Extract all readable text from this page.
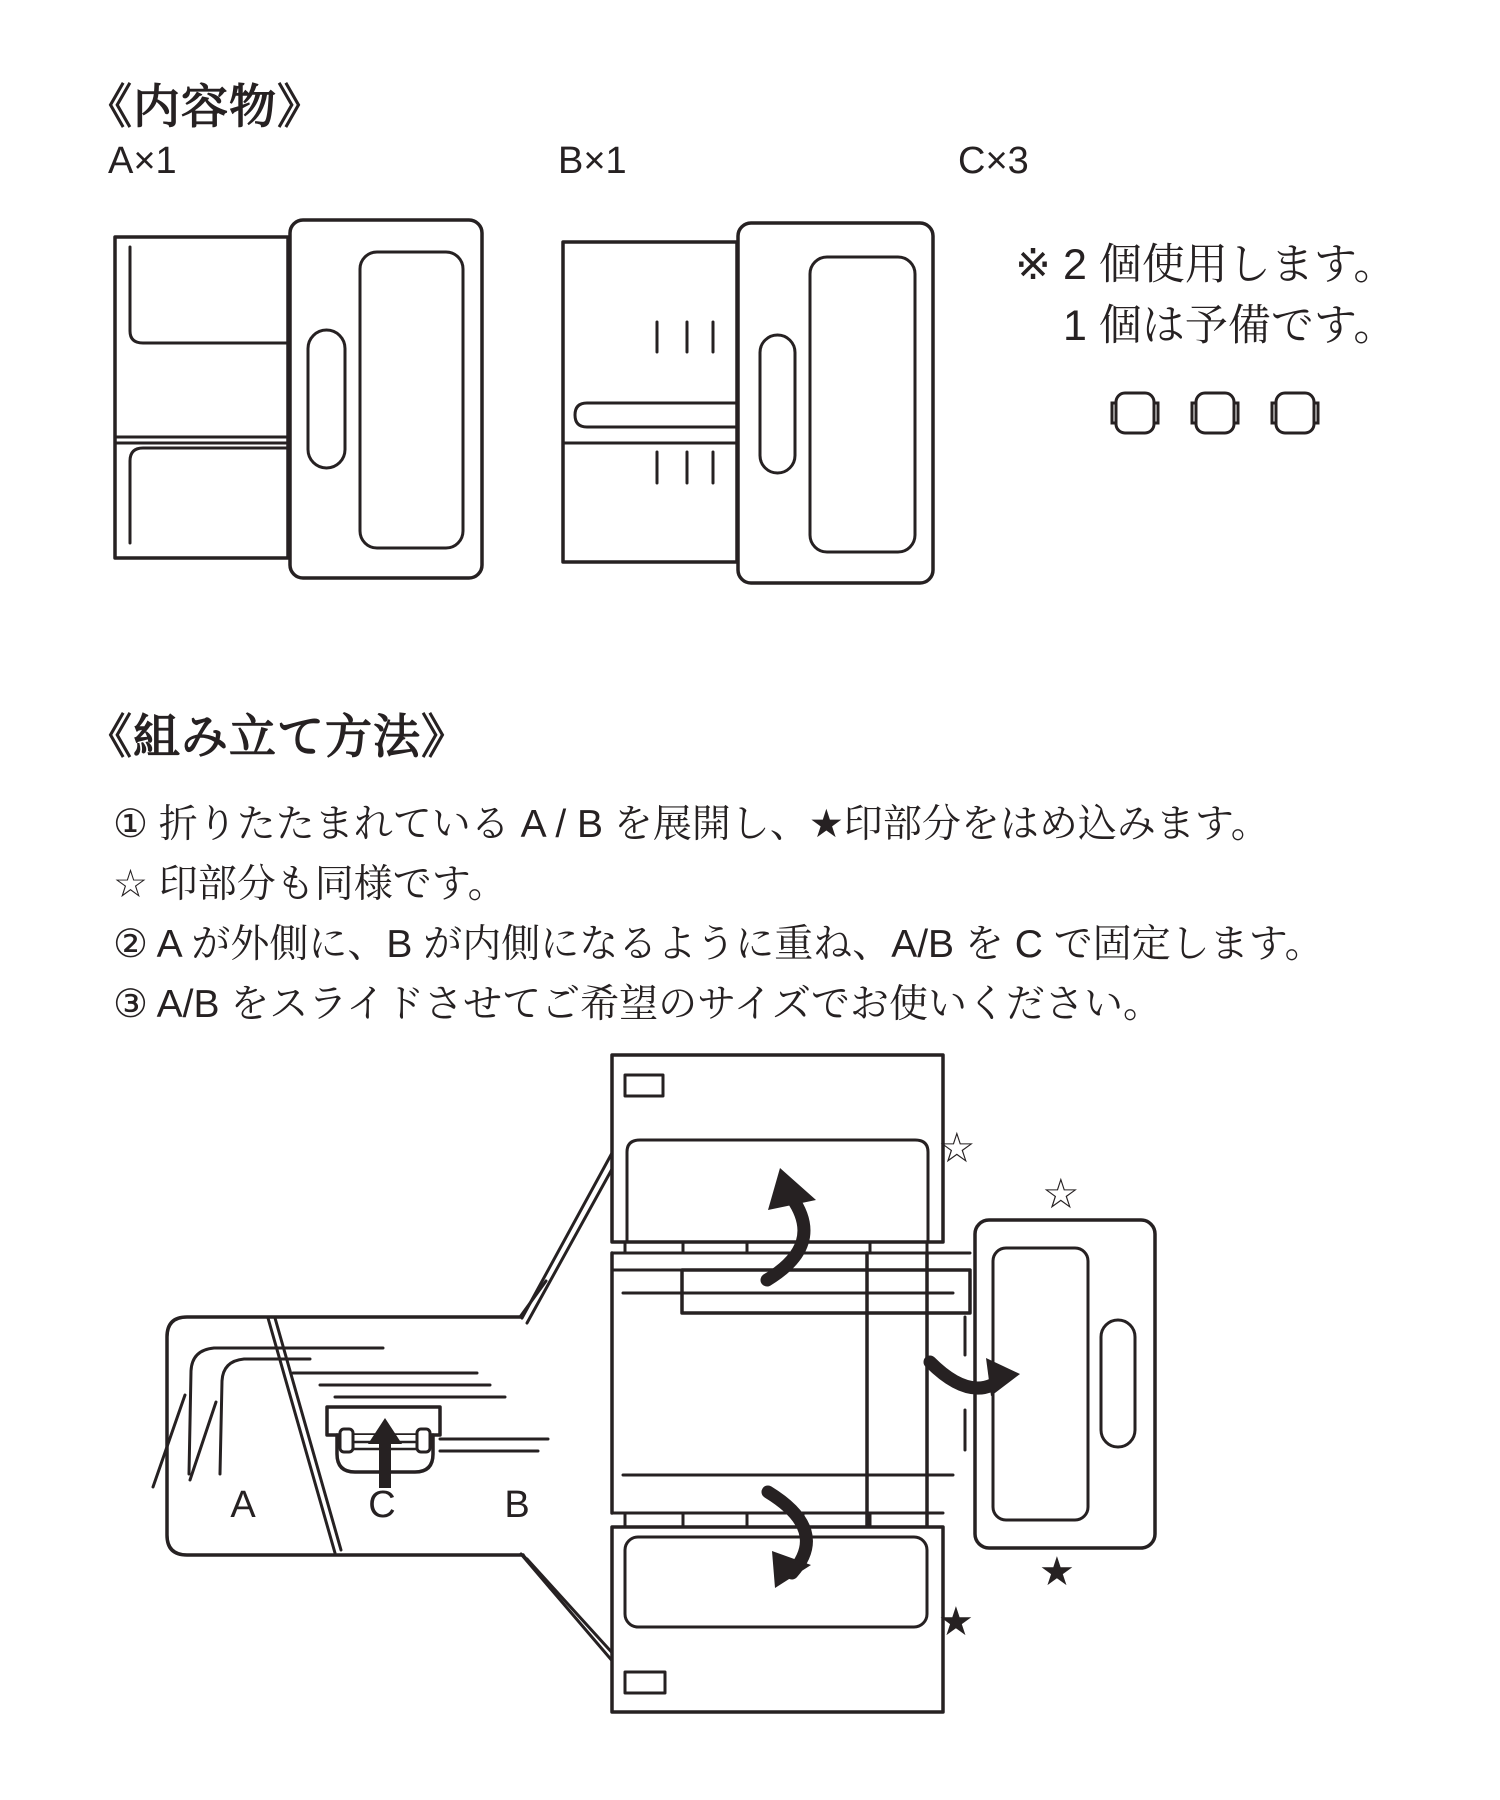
《内容物》
A×1	B×1	C×3
※ 2 個使用します。
1 個は予備です。
《組み立て方法》
① 折りたたまれている A / B を展開し、★印部分をはめ込みます。
☆ 印部分も同様です。
② A が外側に、B が内側になるように重ね、A/B を C で固定します。
③ A/B をスライドさせてご希望のサイズでお使いください。
A	C	B
☆
☆
★
★
